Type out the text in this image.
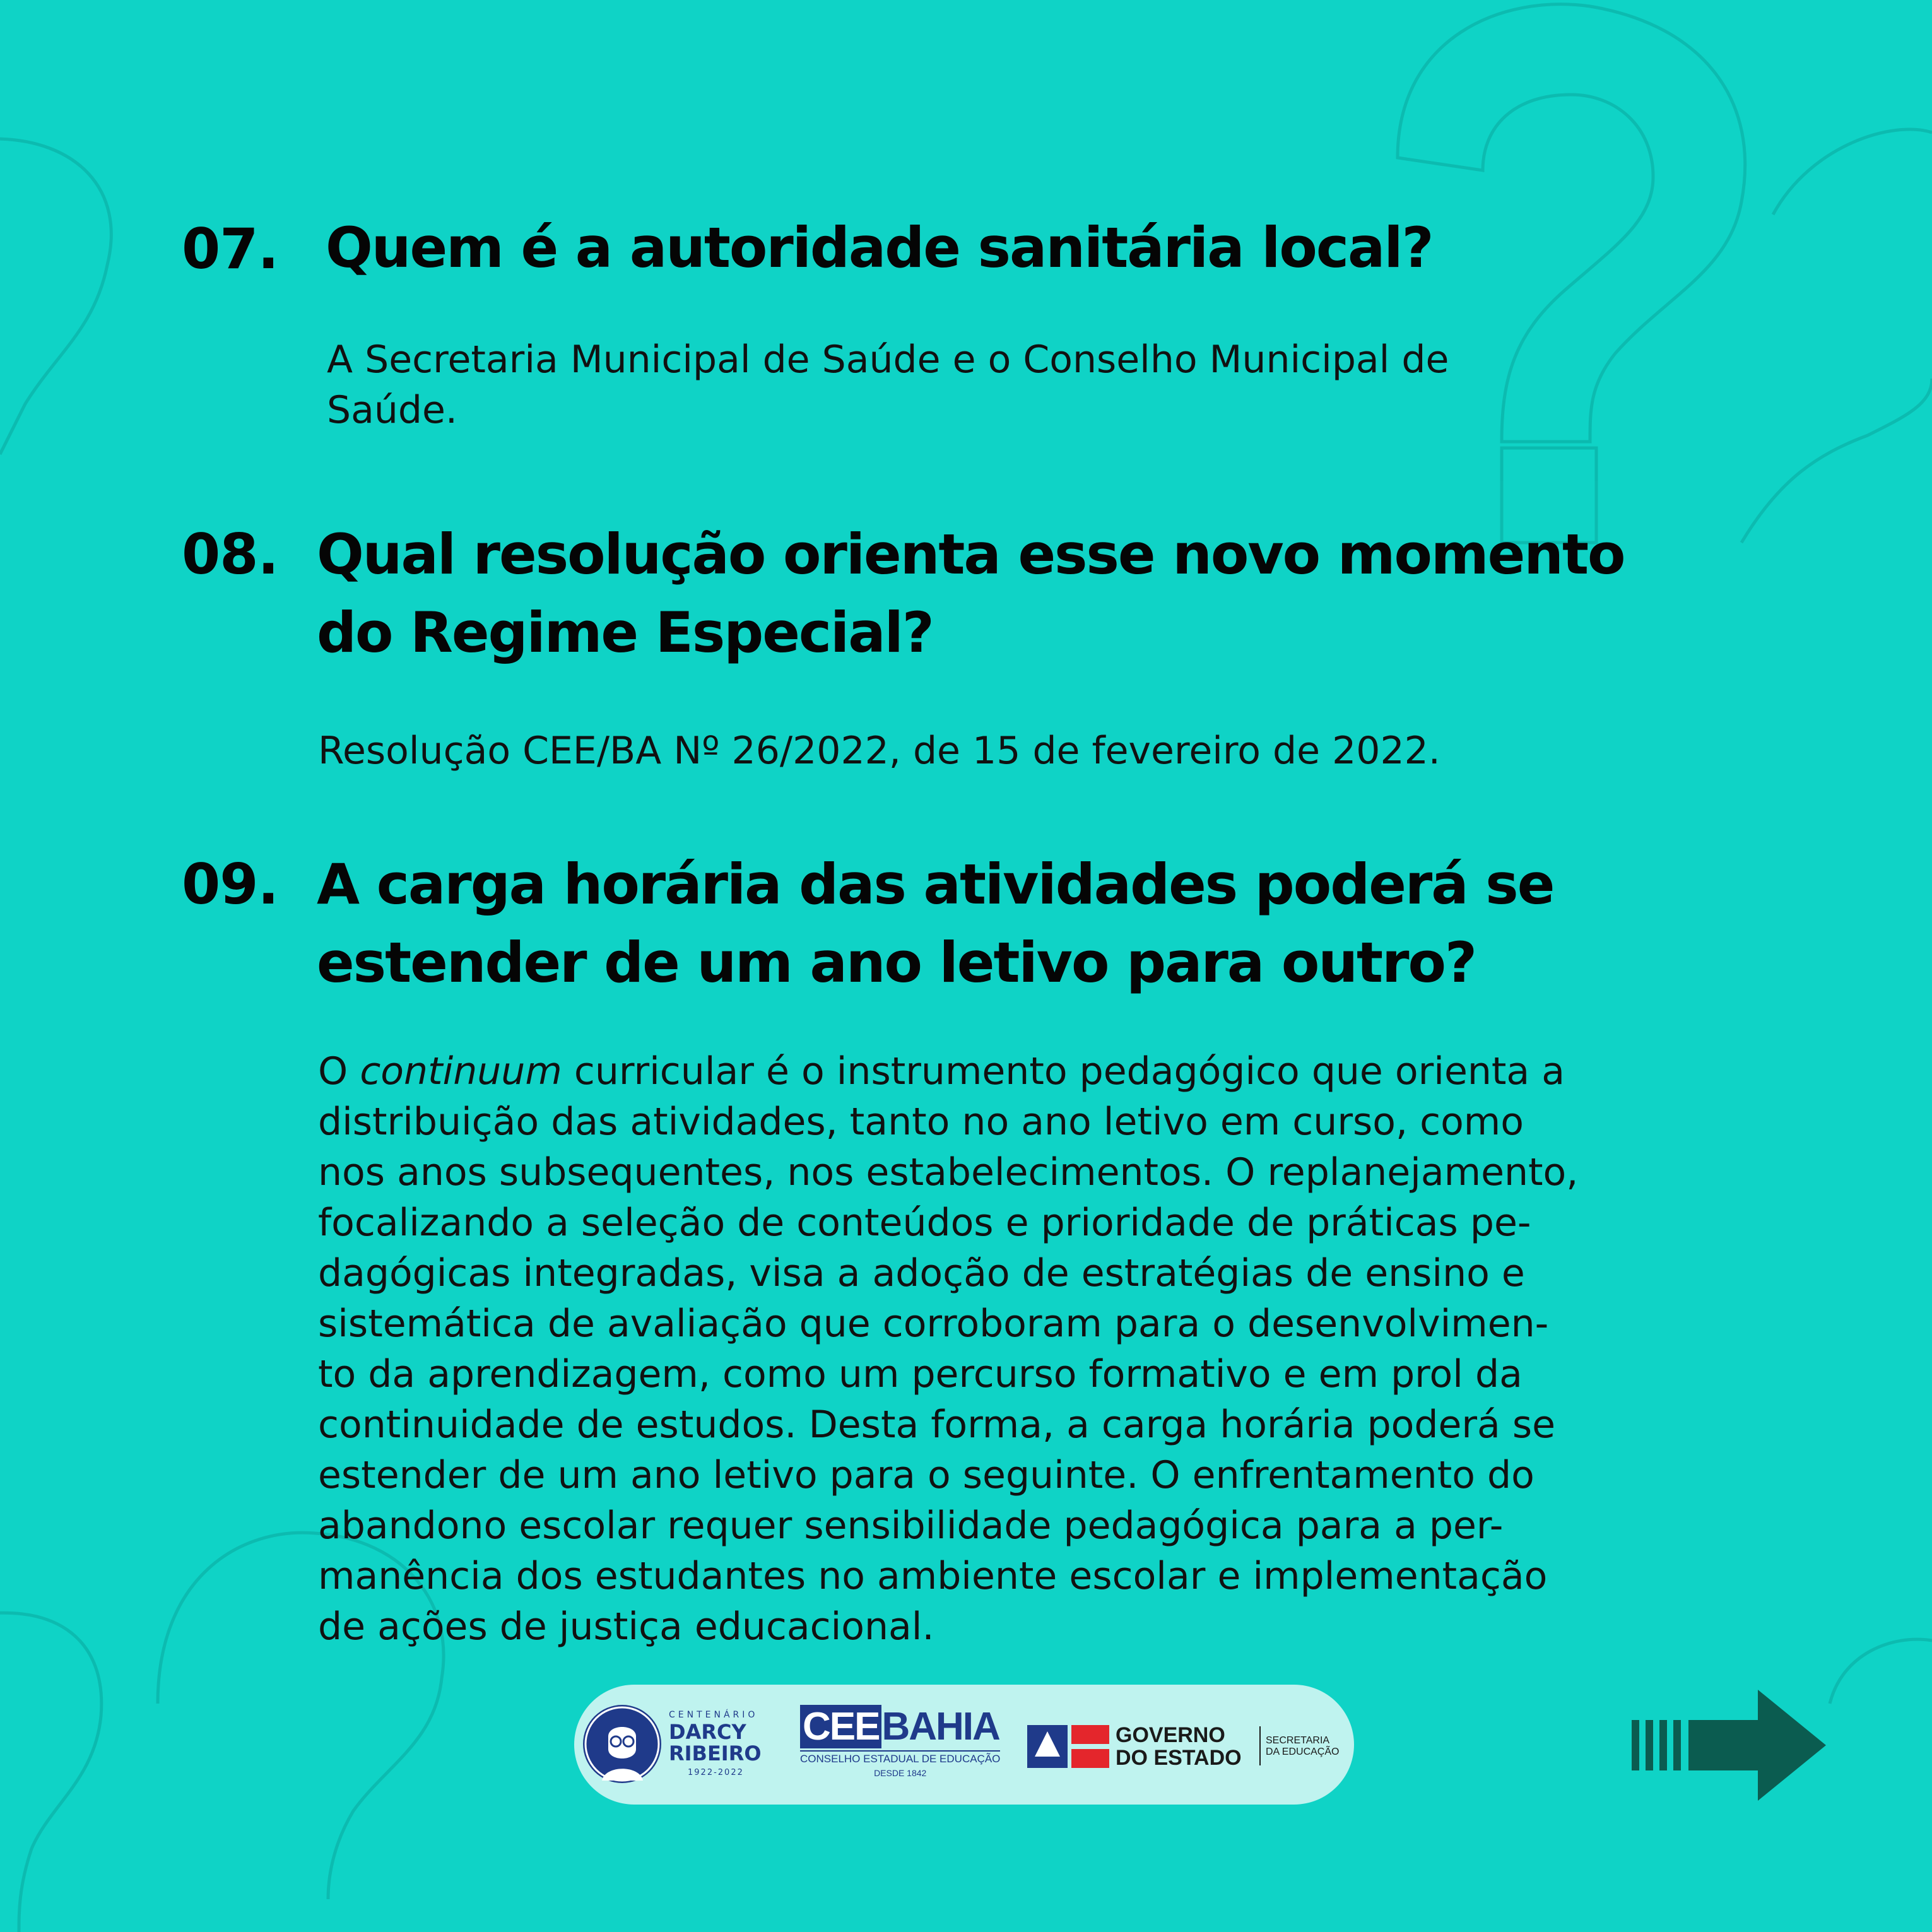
07. Quem é a autoridade sanitária local?
A Secretaria Municipal de Saúde e o Conselho Municipal de
Saúde.
08. Qual resolução orienta esse novo momento
do Regime Especial?
Resolução CEE/BA Nº 26/2022, de 15 de fevereiro de 2022.
09. A carga horária das atividades poderá se
estender de um ano letivo para outro?
O continuum curricular é o instrumento pedagógico que orienta a
distribuição das atividades, tanto no ano letivo em curso, como
nos anos subsequentes, nos estabelecimentos. O replanejamento,
focalizando a seleção de conteúdos e prioridade de práticas pe-
dagógicas integradas, visa a adoção de estratégias de ensino e
sistemática de avaliação que corroboram para o desenvolvimen-
to da aprendizagem, como um percurso formativo e em prol da
continuidade de estudos. Desta forma, a carga horária poderá se
estender de um ano letivo para o seguinte. O enfrentamento do
abandono escolar requer sensibilidade pedagógica para a per-
manência dos estudantes no ambiente escolar e implementação
de ações de justiça educacional.
CENTENÁRIO
DARCY
RIBEIRO
1922-2022
CEEBAHIA
CONSELHO ESTADUAL DE EDUCAÇÃO
DESDE 1842
GOVERNO
DO ESTADO
SECRETARIA
DA EDUCAÇÃO
